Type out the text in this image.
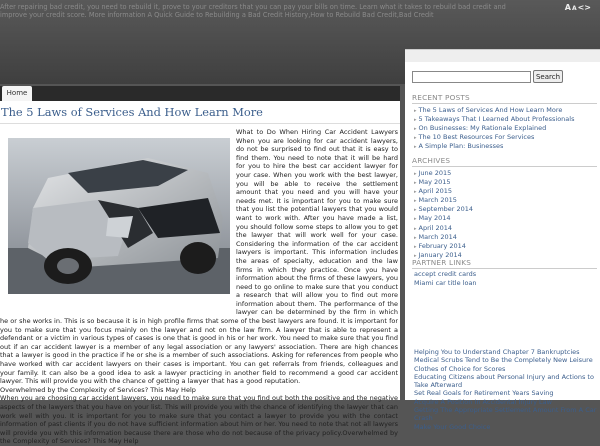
After repairing bad credit, you need to rebuild it, prove to your creditors that you can pay your bills on time. Learn what it takes to rebuild bad credit and improve your credit score. More information A Quick Guide to Rebuilding a Bad Credit History,How to Rebuild Bad Credit,Bad Credit
AA<>
Home
The 5 Laws of Services And How Learn More

What to Do When Hiring Car Accident Lawyers When you are looking for car accident lawyers, do not be surprised to find out that it is easy to find them. You need to note that it will be hard for you to hire the best car accident lawyer for your case. When you work with the best lawyer, you will be able to receive the settlement amount that you need and you will have your needs met. It is important for you to make sure that you list the potential lawyers that you would want to work with. After you have made a list, you should follow some steps to allow you to get the lawyer that will work well for your case. Considering the information of the car accident lawyers is important. This information includes the areas of specialty, education and the law firms in which they practice. Once you have information about the firms of these lawyers, you need to go online to make sure that you conduct a research that will allow you to find out more information about them. The performance of the lawyer can be determined by the firm in which he or she works in. This is so because it is in high profile firms that some of the best lawyers are found. It is important for you to make sure that you focus mainly on the lawyer and not on the law firm. A lawyer that is able to represent a defendant or a victim in various types of cases is one that is good in his or her work. You need to make sure that you find out if an car accident lawyer is a member of any legal association or any lawyers' association. There are high chances that a lawyer is good in the practice if he or she is a member of such associations. Asking for references from people who have worked with car accident lawyers on their cases is important. You can get referrals from friends, colleagues and your family. It can also be a good idea to ask a lawyer practicing in another field to recommend a good car accident lawyer. This will provide you with the chance of getting a lawyer that has a good reputation.

Overwhelmed by the Complexity of Services? This May Help

When you are choosing car accident lawyers, you need to make sure that you find out both the positive and the negative aspects of the lawyers that you have on your list. This will provide you with the chance of identifying the lawyer that can work well with you. It is important for you to make sure that you contact a lawyer to provide you with the contact information of past clients if you do not have sufficient information about him or her. You need to note that not all lawyers will provide you with this information because there are those who do not because of the privacy policy.Overwhelmed by the Complexity of Services? This May Help

Search
RECENT POSTS
▸ The 5 Laws of Services And How Learn More
▸ 5 Takeaways That I Learned About Professionals
▸ On Businesses: My Rationale Explained
▸ The 10 Best Resources For Services
▸ A Simple Plan: Businesses
ARCHIVES
▸ June 2015
▸ May 2015
▸ April 2015
▸ March 2015
▸ September 2014
▸ May 2014
▸ April 2014
▸ March 2014
▸ February 2014
▸ January 2014
PARTNER LINKS
accept credit cards
Miami car title loan
Helping You to Understand Chapter 7 Bankruptcies
Medical Scrubs Tend to Be the Completely New Leisure Clothes of Choice for Scores
Educating Citizens about Personal Injury and Actions to Take Afterward
Set Real Goals for Retirement Years Saving
Acquire A Position In Accidental Injury Law
Getting The Appropriate Settlement Amount From A Car Crash
Make Your Good Choice
